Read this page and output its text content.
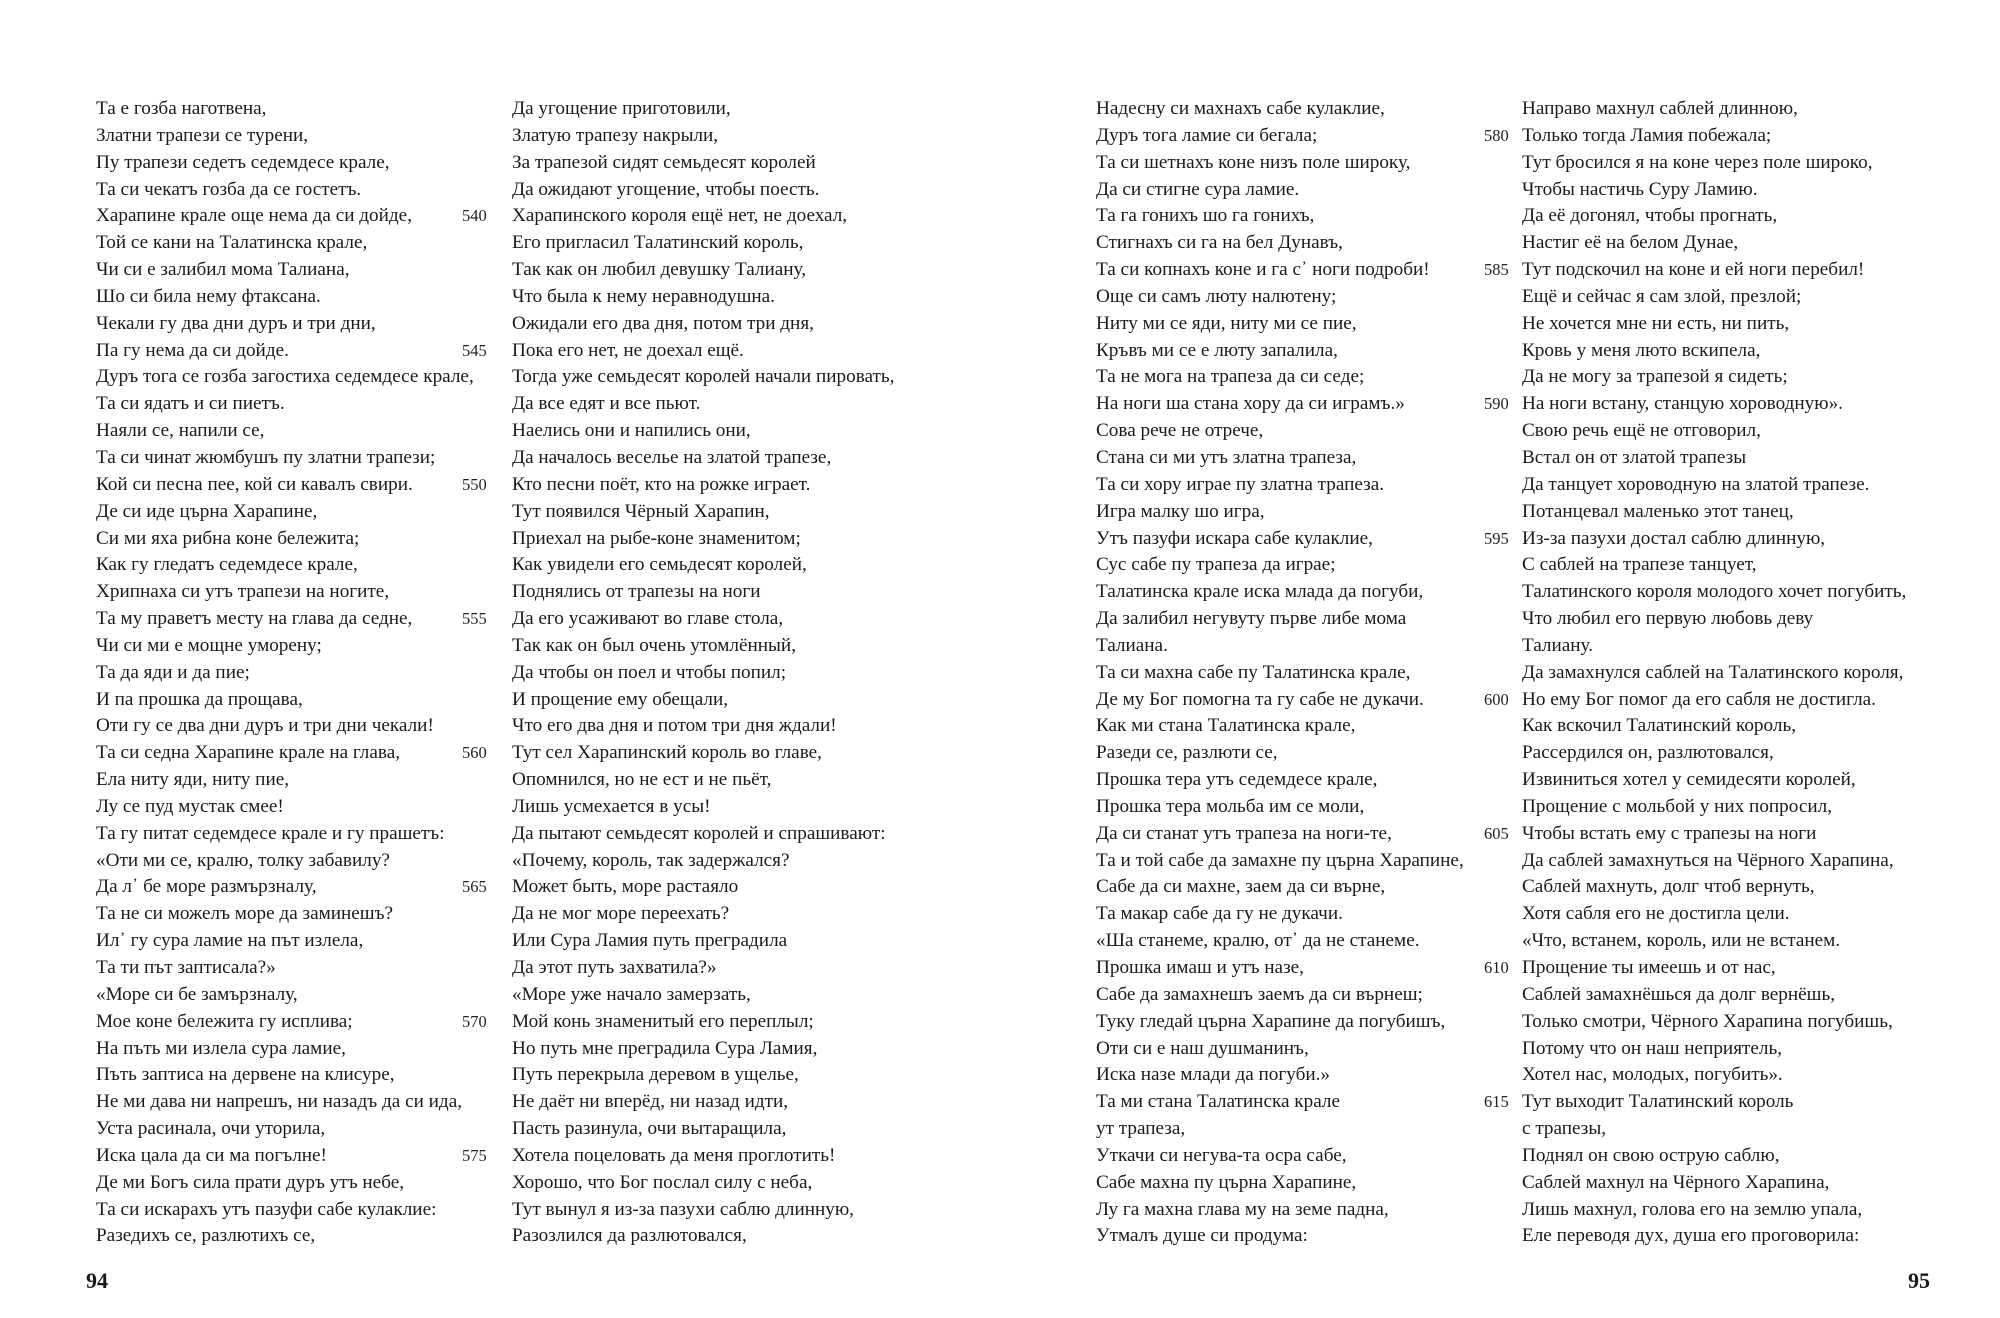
Та е гозба наготвена,
Златни трапези се турени,
Пу трапези седетъ седемдесе крале,
Та си чекатъ гозба да се гостетъ.
Харапине крале още нема да си дойде,	540
Той се кани на Талатинска крале,
Чи си е залибил мома Талиана,
Шо си била нему фтаксана.
Чекали гу два дни дуръ и три дни,
Па гу нема да си дойде.	545
Дуръ тога се гозба загостиха седемдесе крале,
Та си ядатъ и си пиетъ.
Наяли се, напили се,
Та си чинат жюмбушъ пу златни трапези;
Кой си песна пее, кой си кавалъ свири.	550
Де си иде църна Харапине,
Си ми яха рибна коне бележита;
Как гу гледатъ седемдесе крале,
Хрипнаха си утъ трапези на ногите,
Та му праветъ месту на глава да седне,	555
Чи си ми е мощне уморену;
Та да яди и да пие;
И па прошка да прощава,
Оти гу се два дни дуръ и три дни чекали!
Та си седна Харапине крале на глава,	560
Ела ниту яди, ниту пие,
Лу се пуд мустак смее!
Та гу питат седемдесе крале и гу прашетъ:
«Оти ми се, кралю, толку забавилу?
Да л᾿ бе море размързналу,	565
Та не си можелъ море да заминешъ?
Ил᾿ гу сура ламие на път излела,
Та ти път заптисала?»
«Море си бе замързналу,
Мое коне бележита гу исплива;	570
На пъть ми излела сура ламие,
Пъть заптиса на дервене на клисуре,
Не ми дава ни напрешъ, ни назадъ да си ида,
Уста расинала, очи уторила,
Иска цала да си ма погълне!	575
Де ми Богъ сила прати дуръ утъ небе,
Та си искарахъ утъ пазуфи сабе кулаклие:
Разедихъ се, разлютихъ се,
Да угощение приготовили,
Златую трапезу накрыли,
За трапезой сидят семьдесят королей
Да ожидают угощение, чтобы поесть.
Харапинского короля ещё нет, не доехал,
Его пригласил Талатинский король,
Так как он любил девушку Талиану,
Что была к нему неравнодушна.
Ожидали его два дня, потом три дня,
Пока его нет, не доехал ещё.
Тогда уже семьдесят королей начали пировать,
Да все едят и все пьют.
Наелись они и напились они,
Да началось веселье на златой трапезе,
Кто песни поёт, кто на рожке играет.
Тут появился Чёрный Харапин,
Приехал на рыбе-коне знаменитом;
Как увидели его семьдесят королей,
Поднялись от трапезы на ноги
Да его усаживают во главе стола,
Так как он был очень утомлённый,
Да чтобы он поел и чтобы попил;
И прощение ему обещали,
Что его два дня и потом три дня ждали!
Тут сел Харапинский король во главе,
Опомнился, но не ест и не пьёт,
Лишь усмехается в усы!
Да пытают семьдесят королей и спрашивают:
«Почему, король, так задержался?
Может быть, море растаяло
Да не мог море переехать?
Или Сура Ламия путь преградила
Да этот путь захватила?»
«Море уже начало замерзать,
Мой конь знаменитый его переплыл;
Но путь мне преградила Сура Ламия,
Путь перекрыла деревом в ущелье,
Не даёт ни вперёд, ни назад идти,
Пасть разинула, очи вытаращила,
Хотела поцеловать да меня проглотить!
Хорошо, что Бог послал силу с неба,
Тут вынул я из-за пазухи саблю длинную,
Разозлился да разлютовался,
94
Надесну си махнахъ сабе кулаклие,
Дуръ тога ламие си бегала;	580
Та си шетнахъ коне низъ поле широку,
Да си стигне сура ламие.
Та га гонихъ шо га гонихъ,
Стигнахъ си га на бел Дунавъ,
Та си копнахъ коне и га с᾿ ноги подроби!	585
Още си самъ люту налютену;
Ниту ми се яди, ниту ми се пие,
Кръвъ ми се е люту запалила,
Та не мога на трапеза да си седе;
На ноги ша стана хору да си играмъ.»	590
Сова рече не отрече,
Стана си ми утъ златна трапеза,
Та си хору играе пу златна трапеза.
Игра малку шо игра,
Утъ пазуфи искара сабе кулаклие,	595
Сус сабе пу трапеза да играе;
Талатинска крале иска млада да погуби,
Да залибил негувуту първе либе мома
Талиана.
Та си махна сабе пу Талатинска крале,
Де му Бог помогна та гу сабе не дукачи.	600
Как ми стана Талатинска крале,
Разеди се, разлюти се,
Прошка тера утъ седемдесе крале,
Прошка тера мольба им се моли,
Да си станат утъ трапеза на ноги-те,	605
Та и той сабе да замахне пу църна Харапине,
Сабе да си махне, заем да си върне,
Та макар сабе да гу не дукачи.
«Ша станеме, кралю, от᾿ да не станеме.
Прошка имаш и утъ назе,	610
Сабе да замахнешъ заемъ да си върнеш;
Туку гледай църна Харапине да погубишъ,
Оти си е наш душманинъ,
Иска назе млади да погуби.»
Та ми стана Талатинска крале	615
ут трапеза,
Уткачи си негува-та осра сабе,
Сабе махна пу църна Харапине,
Лу га махна глава му на земе падна,
Утмалъ душе си продума:
Направо махнул саблей длинною,
Только тогда Ламия побежала;
Тут бросился я на коне через поле широко,
Чтобы настичь Суру Ламию.
Да её догонял, чтобы прогнать,
Настиг её на белом Дунае,
Тут подскочил на коне и ей ноги перебил!
Ещё и сейчас я сам злой, презлой;
Не хочется мне ни есть, ни пить,
Кровь у меня люто вскипела,
Да не могу за трапезой я сидеть;
На ноги встану, станцую хороводную».
Свою речь ещё не отговорил,
Встал он от златой трапезы
Да танцует хороводную на златой трапезе.
Потанцевал маленько этот танец,
Из-за пазухи достал саблю длинную,
С саблей на трапезе танцует,
Талатинского короля молодого хочет погубить,
Что любил его первую любовь деву
Талиану.
Да замахнулся саблей на Талатинского короля,
Но ему Бог помог да его сабля не достигла.
Как вскочил Талатинский король,
Рассердился он, разлютовался,
Извиниться хотел у семидесяти королей,
Прощение с мольбой у них попросил,
Чтобы встать ему с трапезы на ноги
Да саблей замахнуться на Чёрного Харапина,
Саблей махнуть, долг чтоб вернуть,
Хотя сабля его не достигла цели.
«Что, встанем, король, или не встанем.
Прощение ты имеешь и от нас,
Саблей замахнёшься да долг вернёшь,
Только смотри, Чёрного Харапина погубишь,
Потому что он наш неприятель,
Хотел нас, молодых, погубить».
Тут выходит Талатинский король
с трапезы,
Поднял он свою острую саблю,
Саблей махнул на Чёрного Харапина,
Лишь махнул, голова его на землю упала,
Еле переводя дух, душа его проговорила:
95
